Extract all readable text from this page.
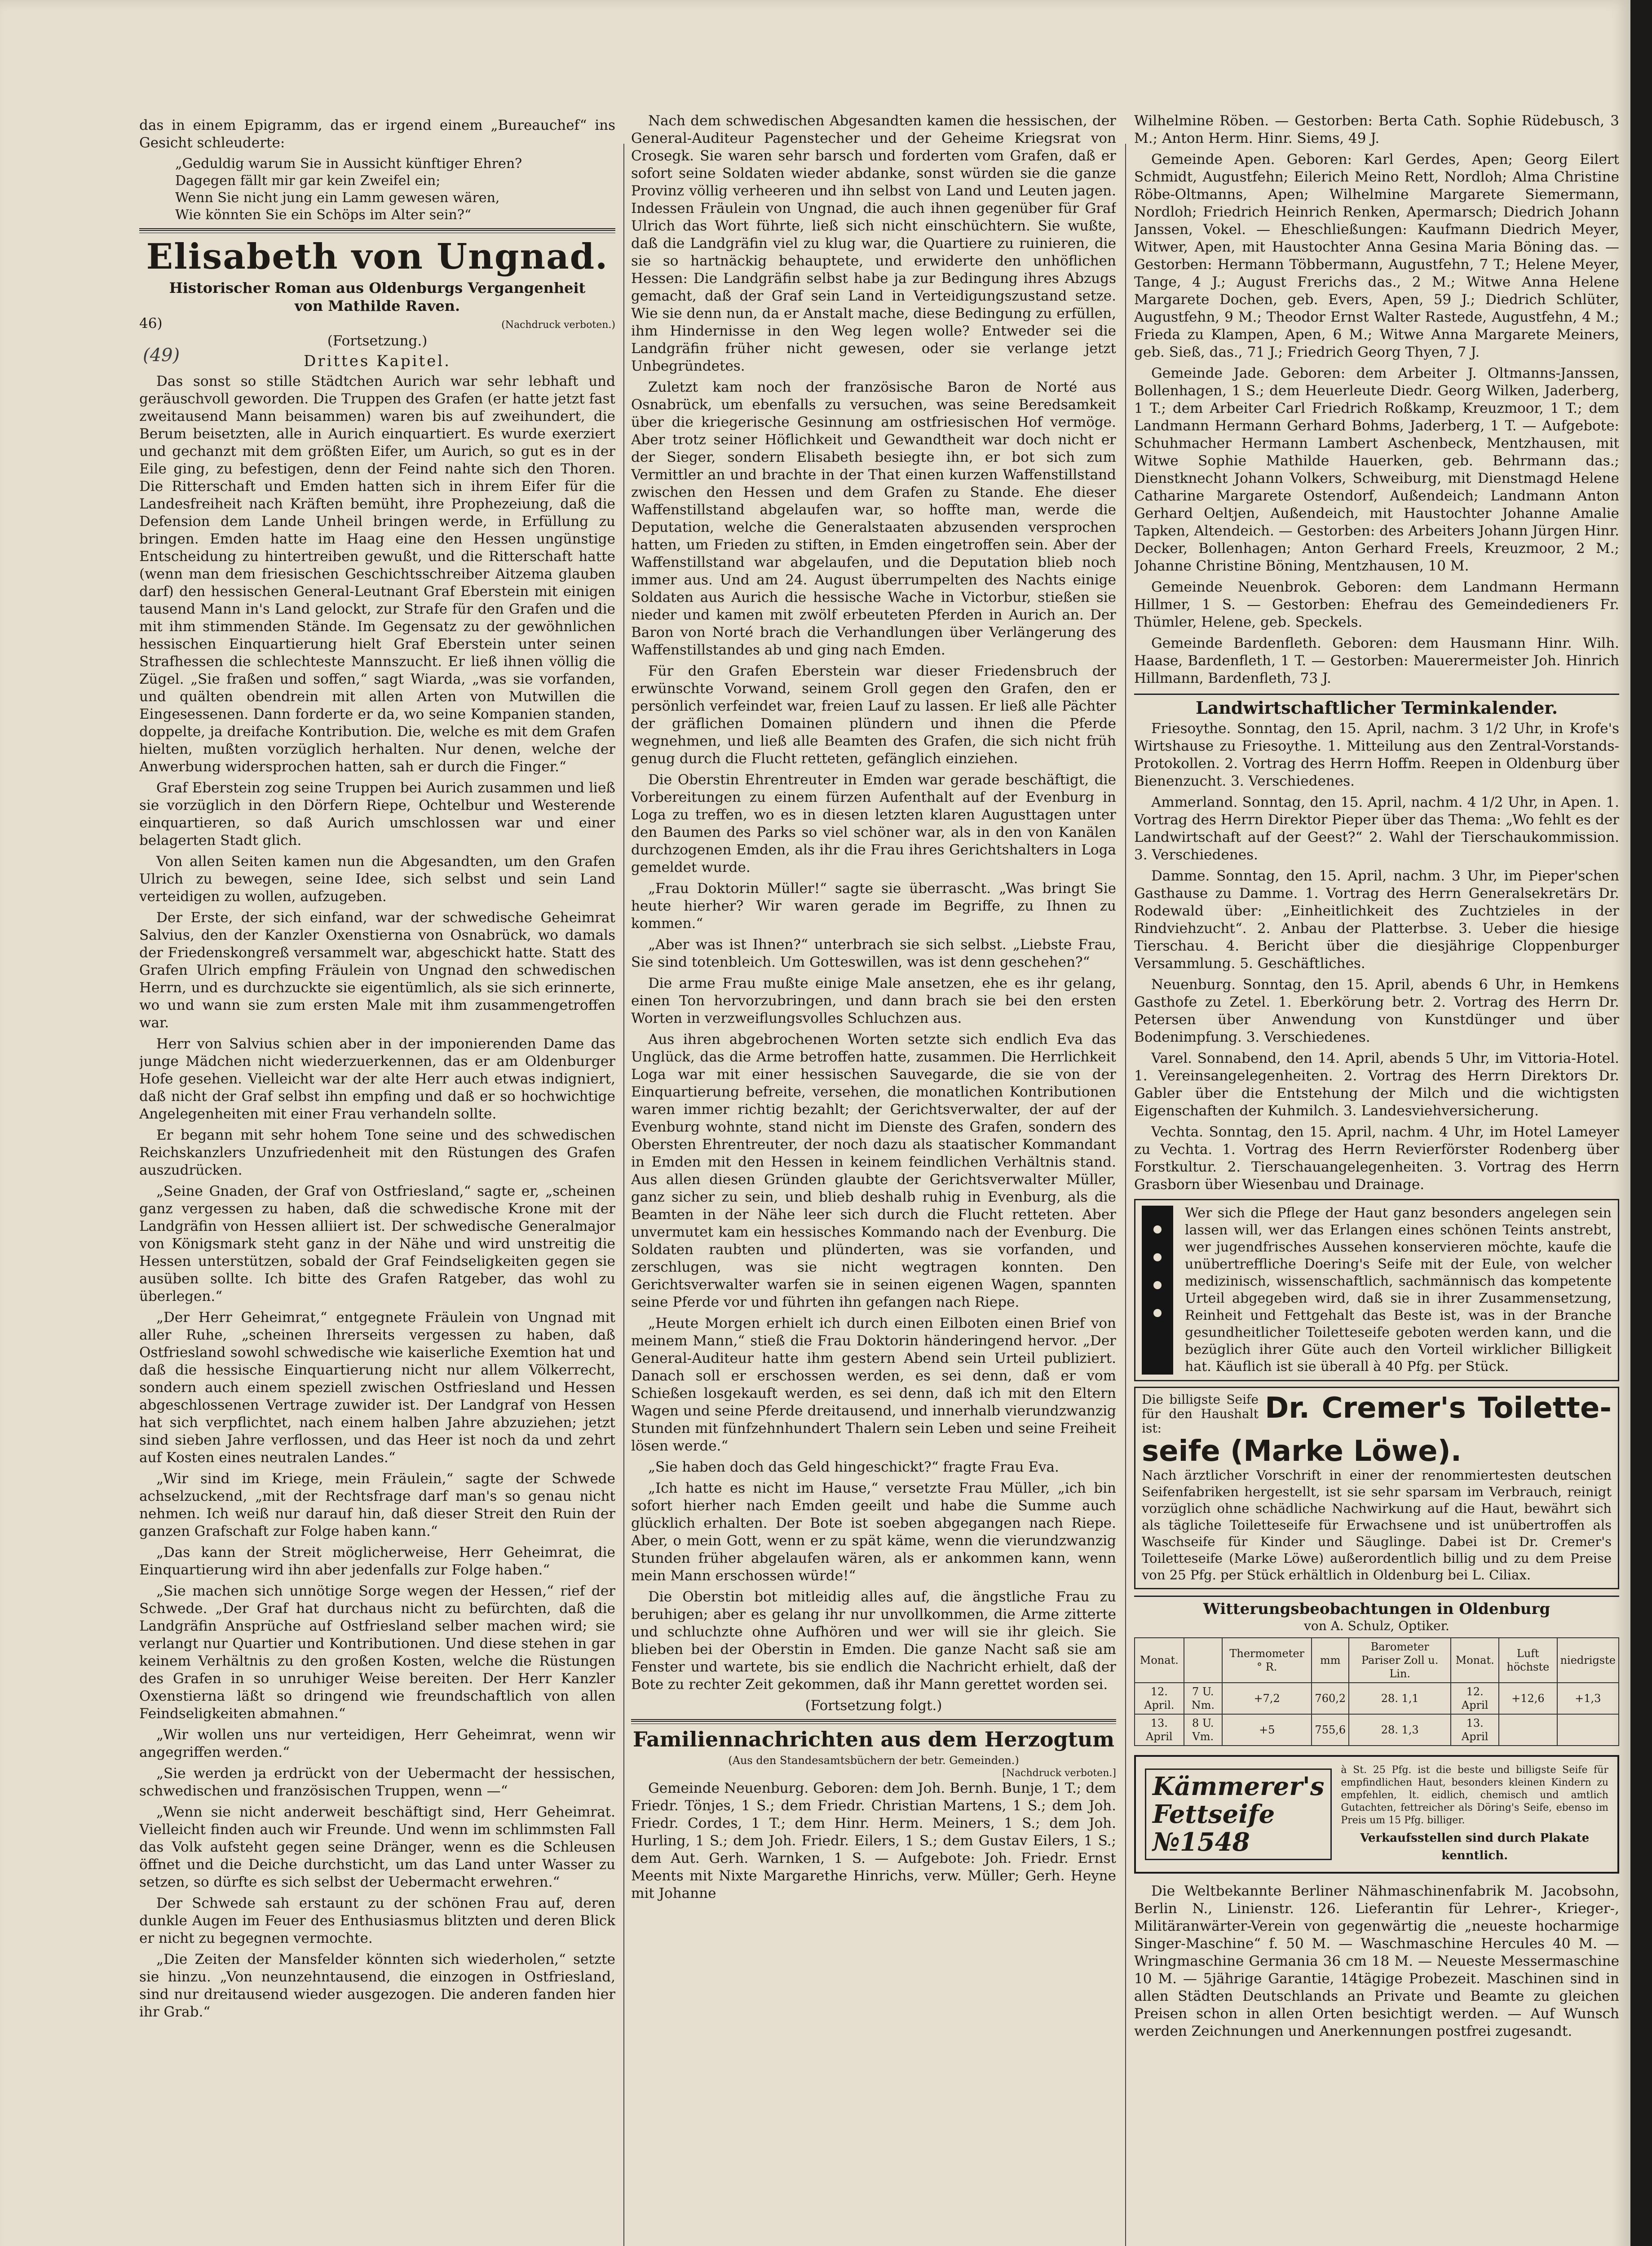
(49)

das in einem Epigramm, das er irgend einem „Bureauchef“ ins Gesicht schleuderte:

„Geduldig warum Sie in Aussicht künftiger Ehren?
Dagegen fällt mir gar kein Zweifel ein;
Wenn Sie nicht jung ein Lamm gewesen wären,
Wie könnten Sie ein Schöps im Alter sein?“
Elisabeth von Ungnad.
Historischer Roman aus Oldenburgs Vergangenheit
von Mathilde Raven.
46)	(Nachdruck verboten.)
(Fortsetzung.)
Drittes Kapitel.

Das sonst so stille Städtchen Aurich war sehr lebhaft und geräuschvoll geworden. Die Truppen des Grafen (er hatte jetzt fast zweitausend Mann beisammen) waren bis auf zweihundert, die Berum beisetzten, alle in Aurich einquartiert. Es wurde exerziert und gechanzt mit dem größten Eifer, um Aurich, so gut es in der Eile ging, zu befestigen, denn der Feind nahte sich den Thoren. Die Ritterschaft und Emden hatten sich in ihrem Eifer für die Landesfreiheit nach Kräften bemüht, ihre Prophezeiung, daß die Defension dem Lande Unheil bringen werde, in Erfüllung zu bringen. Emden hatte im Haag eine den Hessen ungünstige Entscheidung zu hintertreiben gewußt, und die Ritterschaft hatte (wenn man dem friesischen Geschichtsschreiber Aitzema glauben darf) den hessischen General-Leutnant Graf Eberstein mit einigen tausend Mann in's Land gelockt, zur Strafe für den Grafen und die mit ihm stimmenden Stände. Im Gegensatz zu der gewöhnlichen hessischen Einquartierung hielt Graf Eberstein unter seinen Strafhessen die schlechteste Mannszucht. Er ließ ihnen völlig die Zügel. „Sie fraßen und soffen,“ sagt Wiarda, „was sie vorfanden, und quälten obendrein mit allen Arten von Mutwillen die Eingesessenen. Dann forderte er da, wo seine Kompanien standen, doppelte, ja dreifache Kontribution. Die, welche es mit dem Grafen hielten, mußten vorzüglich herhalten. Nur denen, welche der Anwerbung widersprochen hatten, sah er durch die Finger.“

Graf Eberstein zog seine Truppen bei Aurich zusammen und ließ sie vorzüglich in den Dörfern Riepe, Ochtelbur und Westerende einquartieren, so daß Aurich umschlossen war und einer belagerten Stadt glich.

Von allen Seiten kamen nun die Abgesandten, um den Grafen Ulrich zu bewegen, seine Idee, sich selbst und sein Land verteidigen zu wollen, aufzugeben.

Der Erste, der sich einfand, war der schwedische Geheimrat Salvius, den der Kanzler Oxenstierna von Osnabrück, wo damals der Friedenskongreß versammelt war, abgeschickt hatte. Statt des Grafen Ulrich empfing Fräulein von Ungnad den schwedischen Herrn, und es durchzuckte sie eigentümlich, als sie sich erinnerte, wo und wann sie zum ersten Male mit ihm zusammengetroffen war.

Herr von Salvius schien aber in der imponierenden Dame das junge Mädchen nicht wiederzuerkennen, das er am Oldenburger Hofe gesehen. Vielleicht war der alte Herr auch etwas indigniert, daß nicht der Graf selbst ihn empfing und daß er so hochwichtige Angelegenheiten mit einer Frau verhandeln sollte.

Er begann mit sehr hohem Tone seine und des schwedischen Reichskanzlers Unzufriedenheit mit den Rüstungen des Grafen auszudrücken.

„Seine Gnaden, der Graf von Ostfriesland,“ sagte er, „scheinen ganz vergessen zu haben, daß die schwedische Krone mit der Landgräfin von Hessen alliiert ist. Der schwedische Generalmajor von Königsmark steht ganz in der Nähe und wird unstreitig die Hessen unterstützen, sobald der Graf Feindseligkeiten gegen sie ausüben sollte. Ich bitte des Grafen Ratgeber, das wohl zu überlegen.“

„Der Herr Geheimrat,“ entgegnete Fräulein von Ungnad mit aller Ruhe, „scheinen Ihrerseits vergessen zu haben, daß Ostfriesland sowohl schwedische wie kaiserliche Exemtion hat und daß die hessische Einquartierung nicht nur allem Völkerrecht, sondern auch einem speziell zwischen Ostfriesland und Hessen abgeschlossenen Vertrage zuwider ist. Der Landgraf von Hessen hat sich verpflichtet, nach einem halben Jahre abzuziehen; jetzt sind sieben Jahre verflossen, und das Heer ist noch da und zehrt auf Kosten eines neutralen Landes.“

„Wir sind im Kriege, mein Fräulein,“ sagte der Schwede achselzuckend, „mit der Rechtsfrage darf man's so genau nicht nehmen. Ich weiß nur darauf hin, daß dieser Streit den Ruin der ganzen Grafschaft zur Folge haben kann.“

„Das kann der Streit möglicherweise, Herr Geheimrat, die Einquartierung wird ihn aber jedenfalls zur Folge haben.“

„Sie machen sich unnötige Sorge wegen der Hessen,“ rief der Schwede. „Der Graf hat durchaus nicht zu befürchten, daß die Landgräfin Ansprüche auf Ostfriesland selber machen wird; sie verlangt nur Quartier und Kontributionen. Und diese stehen in gar keinem Verhältnis zu den großen Kosten, welche die Rüstungen des Grafen in so unruhiger Weise bereiten. Der Herr Kanzler Oxenstierna läßt so dringend wie freundschaftlich von allen Feindseligkeiten abmahnen.“

„Wir wollen uns nur verteidigen, Herr Geheimrat, wenn wir angegriffen werden.“

„Sie werden ja erdrückt von der Uebermacht der hessischen, schwedischen und französischen Truppen, wenn —“

„Wenn sie nicht anderweit beschäftigt sind, Herr Geheimrat. Vielleicht finden auch wir Freunde. Und wenn im schlimmsten Fall das Volk aufsteht gegen seine Dränger, wenn es die Schleusen öffnet und die Deiche durchsticht, um das Land unter Wasser zu setzen, so dürfte es sich selbst der Uebermacht erwehren.“

Der Schwede sah erstaunt zu der schönen Frau auf, deren dunkle Augen im Feuer des Enthusiasmus blitzten und deren Blick er nicht zu begegnen vermochte.

„Die Zeiten der Mansfelder könnten sich wiederholen,“ setzte sie hinzu. „Von neunzehntausend, die einzogen in Ostfriesland, sind nur dreitausend wieder ausgezogen. Die anderen fanden hier ihr Grab.“

Nach dem schwedischen Abgesandten kamen die hessischen, der General-Auditeur Pagenstecher und der Geheime Kriegsrat von Crosegk. Sie waren sehr barsch und forderten vom Grafen, daß er sofort seine Soldaten wieder abdanke, sonst würden sie die ganze Provinz völlig verheeren und ihn selbst von Land und Leuten jagen. Indessen Fräulein von Ungnad, die auch ihnen gegenüber für Graf Ulrich das Wort führte, ließ sich nicht einschüchtern. Sie wußte, daß die Landgräfin viel zu klug war, die Quartiere zu ruinieren, die sie so hartnäckig behauptete, und erwiderte den unhöflichen Hessen: Die Landgräfin selbst habe ja zur Bedingung ihres Abzugs gemacht, daß der Graf sein Land in Verteidigungszustand setze. Wie sie denn nun, da er Anstalt mache, diese Bedingung zu erfüllen, ihm Hindernisse in den Weg legen wolle? Entweder sei die Landgräfin früher nicht gewesen, oder sie verlange jetzt Unbegründetes.

Zuletzt kam noch der französische Baron de Norté aus Osnabrück, um ebenfalls zu versuchen, was seine Beredsamkeit über die kriegerische Gesinnung am ostfriesischen Hof vermöge. Aber trotz seiner Höflichkeit und Gewandtheit war doch nicht er der Sieger, sondern Elisabeth besiegte ihn, er bot sich zum Vermittler an und brachte in der That einen kurzen Waffenstillstand zwischen den Hessen und dem Grafen zu Stande. Ehe dieser Waffenstillstand abgelaufen war, so hoffte man, werde die Deputation, welche die Generalstaaten abzusenden versprochen hatten, um Frieden zu stiften, in Emden eingetroffen sein. Aber der Waffenstillstand war abgelaufen, und die Deputation blieb noch immer aus. Und am 24. August überrumpelten des Nachts einige Soldaten aus Aurich die hessische Wache in Victorbur, stießen sie nieder und kamen mit zwölf erbeuteten Pferden in Aurich an. Der Baron von Norté brach die Verhandlungen über Verlängerung des Waffenstillstandes ab und ging nach Emden.

Für den Grafen Eberstein war dieser Friedensbruch der erwünschte Vorwand, seinem Groll gegen den Grafen, den er persönlich verfeindet war, freien Lauf zu lassen. Er ließ alle Pächter der gräflichen Domainen plündern und ihnen die Pferde wegnehmen, und ließ alle Beamten des Grafen, die sich nicht früh genug durch die Flucht retteten, gefänglich einziehen.

Die Oberstin Ehrentreuter in Emden war gerade beschäftigt, die Vorbereitungen zu einem fürzen Aufenthalt auf der Evenburg in Loga zu treffen, wo es in diesen letzten klaren Augusttagen unter den Baumen des Parks so viel schöner war, als in den von Kanälen durchzogenen Emden, als ihr die Frau ihres Gerichtshalters in Loga gemeldet wurde.

„Frau Doktorin Müller!“ sagte sie überrascht. „Was bringt Sie heute hierher? Wir waren gerade im Begriffe, zu Ihnen zu kommen.“

„Aber was ist Ihnen?“ unterbrach sie sich selbst. „Liebste Frau, Sie sind totenbleich. Um Gotteswillen, was ist denn geschehen?“

Die arme Frau mußte einige Male ansetzen, ehe es ihr gelang, einen Ton hervorzubringen, und dann brach sie bei den ersten Worten in verzweiflungsvolles Schluchzen aus.

Aus ihren abgebrochenen Worten setzte sich endlich Eva das Unglück, das die Arme betroffen hatte, zusammen. Die Herrlichkeit Loga war mit einer hessischen Sauvegarde, die sie von der Einquartierung befreite, versehen, die monatlichen Kontributionen waren immer richtig bezahlt; der Gerichtsverwalter, der auf der Evenburg wohnte, stand nicht im Dienste des Grafen, sondern des Obersten Ehrentreuter, der noch dazu als staatischer Kommandant in Emden mit den Hessen in keinem feindlichen Verhältnis stand. Aus allen diesen Gründen glaubte der Gerichtsverwalter Müller, ganz sicher zu sein, und blieb deshalb ruhig in Evenburg, als die Beamten in der Nähe leer sich durch die Flucht retteten. Aber unvermutet kam ein hessisches Kommando nach der Evenburg. Die Soldaten raubten und plünderten, was sie vorfanden, und zerschlugen, was sie nicht wegtragen konnten. Den Gerichtsverwalter warfen sie in seinen eigenen Wagen, spannten seine Pferde vor und führten ihn gefangen nach Riepe.

„Heute Morgen erhielt ich durch einen Eilboten einen Brief von meinem Mann,“ stieß die Frau Doktorin händeringend hervor. „Der General-Auditeur hatte ihm gestern Abend sein Urteil publiziert. Danach soll er erschossen werden, es sei denn, daß er vom Schießen losgekauft werden, es sei denn, daß ich mit den Eltern Wagen und seine Pferde dreitausend, und innerhalb vierundzwanzig Stunden mit fünfzehnhundert Thalern sein Leben und seine Freiheit lösen werde.“

„Sie haben doch das Geld hingeschickt?“ fragte Frau Eva.

„Ich hatte es nicht im Hause,“ versetzte Frau Müller, „ich bin sofort hierher nach Emden geeilt und habe die Summe auch glücklich erhalten. Der Bote ist soeben abgegangen nach Riepe. Aber, o mein Gott, wenn er zu spät käme, wenn die vierundzwanzig Stunden früher abgelaufen wären, als er ankommen kann, wenn mein Mann erschossen würde!“

Die Oberstin bot mitleidig alles auf, die ängstliche Frau zu beruhigen; aber es gelang ihr nur unvollkommen, die Arme zitterte und schluchzte ohne Aufhören und wer will sie ihr gleich. Sie blieben bei der Oberstin in Emden. Die ganze Nacht saß sie am Fenster und wartete, bis sie endlich die Nachricht erhielt, daß der Bote zu rechter Zeit gekommen, daß ihr Mann gerettet worden sei.

(Fortsetzung folgt.)
Familiennachrichten aus dem Herzogtum
(Aus den Standesamtsbüchern der betr. Gemeinden.)
[Nachdruck verboten.]

Gemeinde Neuenburg. Geboren: dem Joh. Bernh. Bunje, 1 T.; dem Friedr. Tönjes, 1 S.; dem Friedr. Christian Martens, 1 S.; dem Joh. Friedr. Cordes, 1 T.; dem Hinr. Herm. Meiners, 1 S.; dem Joh. Hurling, 1 S.; dem Joh. Friedr. Eilers, 1 S.; dem Gustav Eilers, 1 S.; dem Aut. Gerh. Warnken, 1 S. — Aufgebote: Joh. Friedr. Ernst Meents mit Nixte Margarethe Hinrichs, verw. Müller; Gerh. Heyne mit Johanne

Wilhelmine Röben. — Gestorben: Berta Cath. Sophie Rüdebusch, 3 M.; Anton Herm. Hinr. Siems, 49 J.

Gemeinde Apen. Geboren: Karl Gerdes, Apen; Georg Eilert Schmidt, Augustfehn; Eilerich Meino Rett, Nordloh; Alma Christine Röbe-Oltmanns, Apen; Wilhelmine Margarete Siemermann, Nordloh; Friedrich Heinrich Renken, Apermarsch; Diedrich Johann Janssen, Vokel. — Eheschließungen: Kaufmann Diedrich Meyer, Witwer, Apen, mit Haustochter Anna Gesina Maria Böning das. — Gestorben: Hermann Többermann, Augustfehn, 7 T.; Helene Meyer, Tange, 4 J.; August Frerichs das., 2 M.; Witwe Anna Helene Margarete Dochen, geb. Evers, Apen, 59 J.; Diedrich Schlüter, Augustfehn, 9 M.; Theodor Ernst Walter Rastede, Augustfehn, 4 M.; Frieda zu Klampen, Apen, 6 M.; Witwe Anna Margarete Meiners, geb. Sieß, das., 71 J.; Friedrich Georg Thyen, 7 J.

Gemeinde Jade. Geboren: dem Arbeiter J. Oltmanns-Janssen, Bollenhagen, 1 S.; dem Heuerleute Diedr. Georg Wilken, Jaderberg, 1 T.; dem Arbeiter Carl Friedrich Roßkamp, Kreuzmoor, 1 T.; dem Landmann Hermann Gerhard Bohms, Jaderberg, 1 T. — Aufgebote: Schuhmacher Hermann Lambert Aschenbeck, Mentzhausen, mit Witwe Sophie Mathilde Hauerken, geb. Behrmann das.; Dienstknecht Johann Volkers, Schweiburg, mit Dienstmagd Helene Catharine Margarete Ostendorf, Außendeich; Landmann Anton Gerhard Oeltjen, Außendeich, mit Haustochter Johanne Amalie Tapken, Altendeich. — Gestorben: des Arbeiters Johann Jürgen Hinr. Decker, Bollenhagen; Anton Gerhard Freels, Kreuzmoor, 2 M.; Johanne Christine Böning, Mentzhausen, 10 M.

Gemeinde Neuenbrok. Geboren: dem Landmann Hermann Hillmer, 1 S. — Gestorben: Ehefrau des Gemeindedieners Fr. Thümler, Helene, geb. Speckels.

Gemeinde Bardenfleth. Geboren: dem Hausmann Hinr. Wilh. Haase, Bardenfleth, 1 T. — Gestorben: Mauerermeister Joh. Hinrich Hillmann, Bardenfleth, 73 J.

Landwirtschaftlicher Terminkalender.

Friesoythe. Sonntag, den 15. April, nachm. 3 1/2 Uhr, in Krofe's Wirtshause zu Friesoythe. 1. Mitteilung aus den Zentral-Vorstands-Protokollen. 2. Vortrag des Herrn Hoffm. Reepen in Oldenburg über Bienenzucht. 3. Verschiedenes.

Ammerland. Sonntag, den 15. April, nachm. 4 1/2 Uhr, in Apen. 1. Vortrag des Herrn Direktor Pieper über das Thema: „Wo fehlt es der Landwirtschaft auf der Geest?“ 2. Wahl der Tierschaukommission. 3. Verschiedenes.

Damme. Sonntag, den 15. April, nachm. 3 Uhr, im Pieper'schen Gasthause zu Damme. 1. Vortrag des Herrn Generalsekretärs Dr. Rodewald über: „Einheitlichkeit des Zuchtzieles in der Rindviehzucht“. 2. Anbau der Platterbse. 3. Ueber die hiesige Tierschau. 4. Bericht über die diesjährige Cloppenburger Versammlung. 5. Geschäftliches.

Neuenburg. Sonntag, den 15. April, abends 6 Uhr, in Hemkens Gasthofe zu Zetel. 1. Eberkörung betr. 2. Vortrag des Herrn Dr. Petersen über Anwendung von Kunstdünger und über Bodenimpfung. 3. Verschiedenes.

Varel. Sonnabend, den 14. April, abends 5 Uhr, im Vittoria-Hotel. 1. Vereinsangelegenheiten. 2. Vortrag des Herrn Direktors Dr. Gabler über die Entstehung der Milch und die wichtigsten Eigenschaften der Kuhmilch. 3. Landesviehversicherung.

Vechta. Sonntag, den 15. April, nachm. 4 Uhr, im Hotel Lameyer zu Vechta. 1. Vortrag des Herrn Revierförster Rodenberg über Forstkultur. 2. Tierschauangelegenheiten. 3. Vortrag des Herrn Grasborn über Wiesenbau und Drainage.

Wer sich die Pflege der Haut ganz besonders angelegen sein lassen will, wer das Erlangen eines schönen Teints anstrebt, wer jugendfrisches Aussehen konservieren möchte, kaufe die unübertreffliche Doering's Seife mit der Eule, von welcher medizinisch, wissenschaftlich, sachmännisch das kompetente Urteil abgegeben wird, daß sie in ihrer Zusammensetzung, Reinheit und Fettgehalt das Beste ist, was in der Branche gesundheitlicher Toiletteseife geboten werden kann, und die bezüglich ihrer Güte auch den Vorteil wirklicher Billigkeit hat. Käuflich ist sie überall à 40 Pfg. per Stück.
Die billigste Seife für den Haushalt ist: Dr. Cremer's Toilette-seife (Marke Löwe).
Nach ärztlicher Vorschrift in einer der renommiertesten deutschen Seifenfabriken hergestellt, ist sie sehr sparsam im Verbrauch, reinigt vorzüglich ohne schädliche Nachwirkung auf die Haut, bewährt sich als tägliche Toiletteseife für Erwachsene und ist unübertroffen als Waschseife für Kinder und Säuglinge. Dabei ist Dr. Cremer's Toiletteseife (Marke Löwe) außerordentlich billig und zu dem Preise von 25 Pfg. per Stück erhältlich in Oldenburg bei L. Ciliax.
Witterungsbeobachtungen in Oldenburg
von A. Schulz, Optiker.
Monat.		Thermometer ° R.	mm	Barometer Pariser Zoll u. Lin.	Monat.	Luft höchste	niedrigste
12. April.	7 U. Nm.	+7,2	760,2	28. 1,1	12. April	+12,6	+1,3
13. April	8 U. Vm.	+5	755,6	28. 1,3	13. April		
Kämmerer's Fettseife №1548
à St. 25 Pfg. ist die beste und billigste Seife für empfindlichen Haut, besonders kleinen Kindern zu empfehlen, lt. eidlich, chemisch und amtlich Gutachten, fettreicher als Döring's Seife, ebenso im Preis um 15 Pfg. billiger.
Verkaufsstellen sind durch Plakate kenntlich.

Die Weltbekannte Berliner Nähmaschinenfabrik M. Jacobsohn, Berlin N., Linienstr. 126. Lieferantin für Lehrer-, Krieger-, Militäranwärter-Verein von gegenwärtig die „neueste hocharmige Singer-Maschine“ f. 50 M. — Waschmaschine Hercules 40 M. — Wringmaschine Germania 36 cm 18 M. — Neueste Messermaschine 10 M. — 5jährige Garantie, 14tägige Probezeit. Maschinen sind in allen Städten Deutschlands an Private und Beamte zu gleichen Preisen schon in allen Orten besichtigt werden. — Auf Wunsch werden Zeichnungen und Anerkennungen postfrei zugesandt.
